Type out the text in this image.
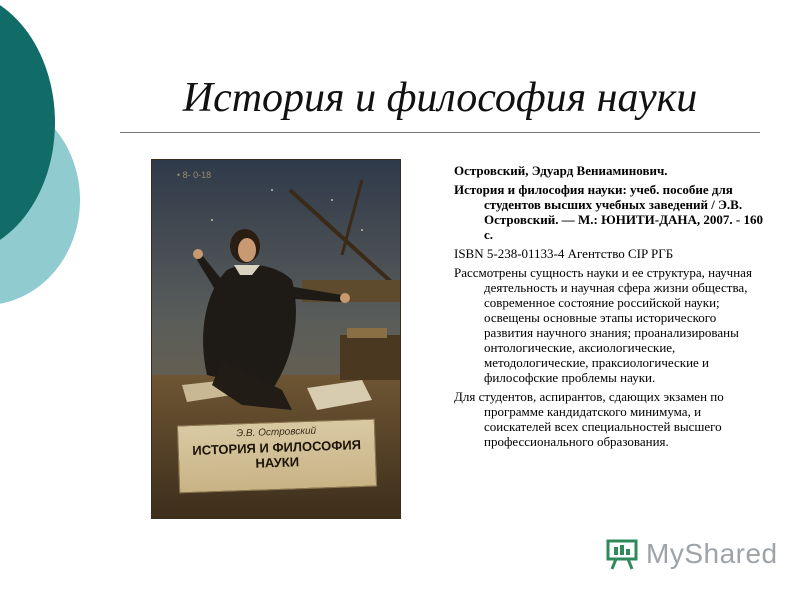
История и философия науки
• 8- 0-18
Э.В. Островский
ИСТОРИЯ И ФИЛОСОФИЯ НАУКИ

Островский, Эдуард Вениаминович.

История и философия науки: учеб. пособие для студентов высших учебных заведений / Э.В. Островский. — М.: ЮНИТИ-ДАНА, 2007. - 160 с.

ISBN 5-238-01133-4 Агентство CIP РГБ

Рассмотрены сущность науки и ее структура, научная деятельность и научная сфера жизни общества, современное состояние российской науки; освещены основные этапы исторического развития научного знания; проанализированы онтологические, аксиологические, методологические, праксиологические и философские проблемы науки.

Для студентов, аспирантов, сдающих экзамен по программе кандидатского минимума, и соискателей всех специальностей высшего профессионального образования.

MyShared
